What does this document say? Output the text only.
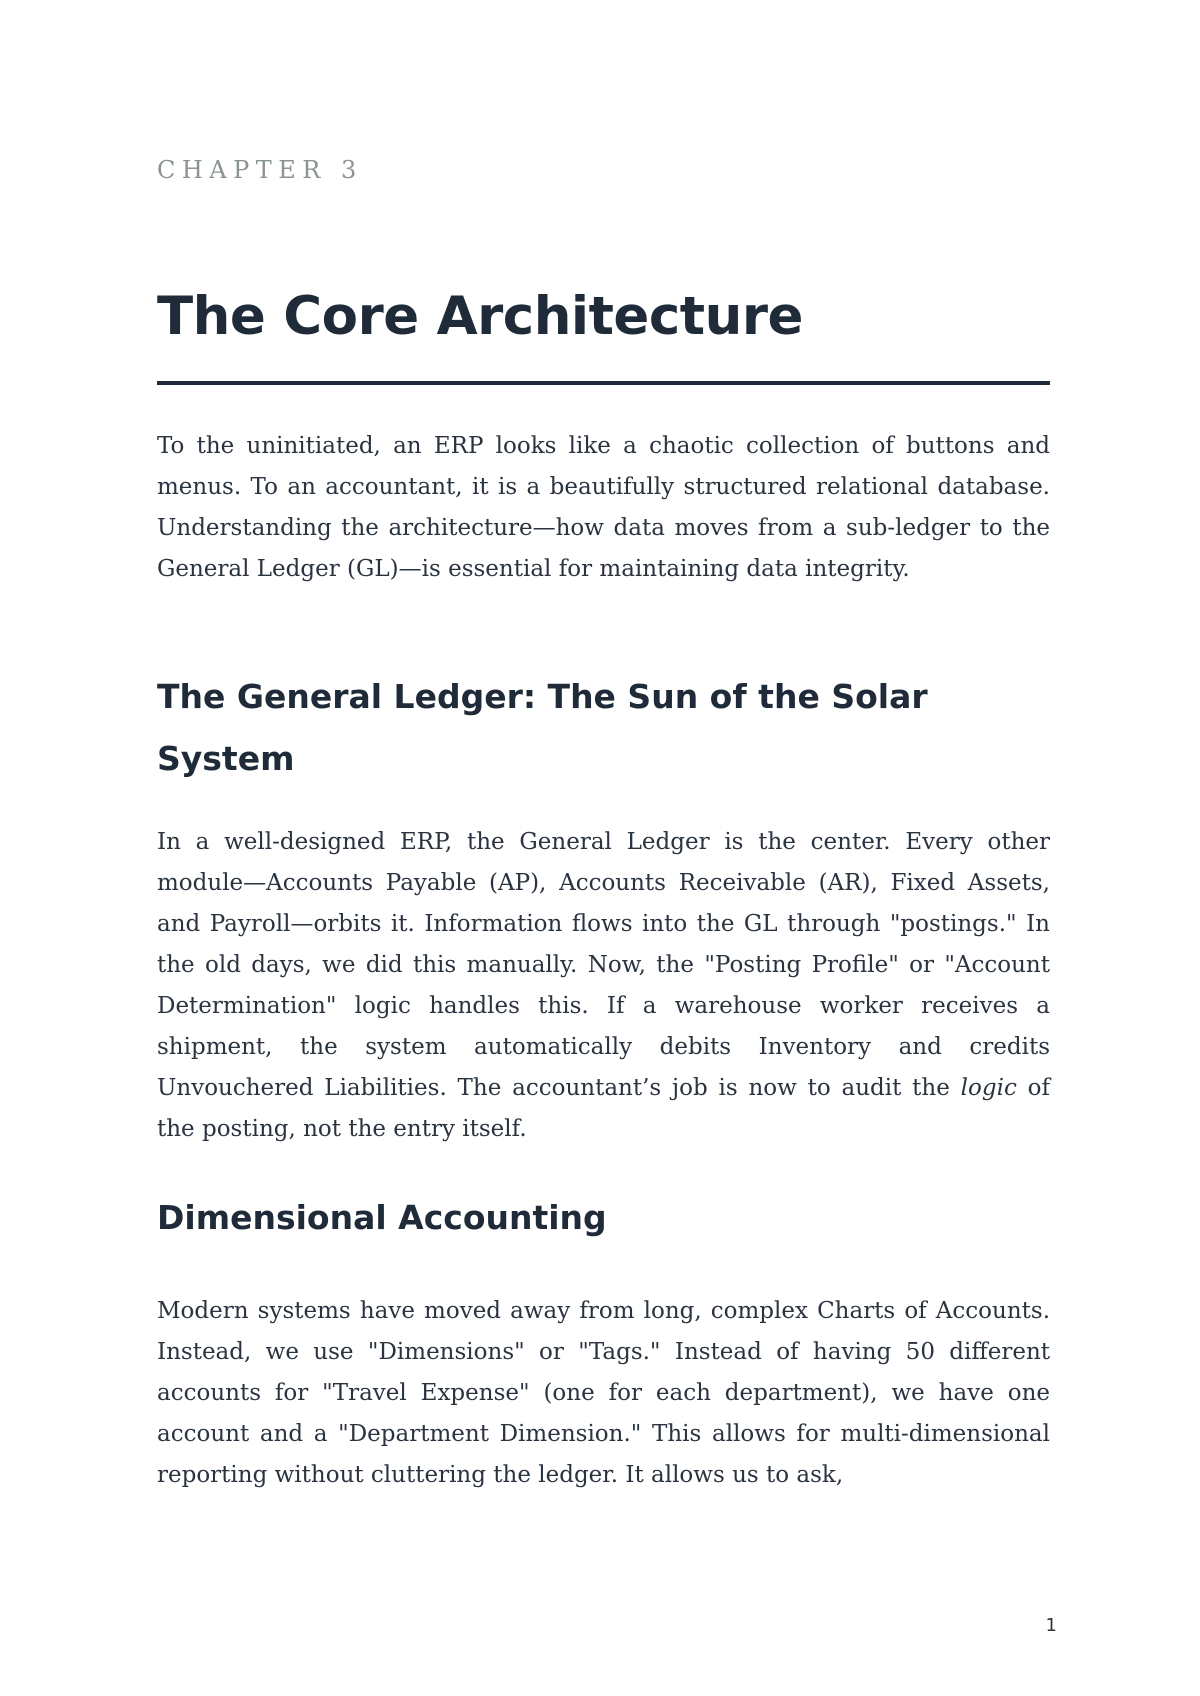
CHAPTER 3
The Core Architecture

To the uninitiated, an ERP looks like a chaotic collection of buttons and menus. To an accountant, it is a beautifully structured relational database. Understanding the architecture—how data moves from a sub-ledger to the General Ledger (GL)—is essential for maintaining data integrity.

The General Ledger: The Sun of the Solar System

In a well-designed ERP, the General Ledger is the center. Every other module—Accounts Payable (AP), Accounts Receivable (AR), Fixed Assets, and Payroll—orbits it. Information flows into the GL through "postings." In the old days, we did this manually. Now, the "Posting Profile" or "Account Determination" logic handles this. If a warehouse worker receives a shipment, the system automatically debits Inventory and credits Unvouchered Liabilities. The accountant’s job is now to audit the logic of the posting, not the entry itself.

Dimensional Accounting

Modern systems have moved away from long, complex Charts of Accounts. Instead, we use "Dimensions" or "Tags." Instead of having 50 different accounts for "Travel Expense" (one for each department), we have one account and a "Department Dimension." This allows for multi-dimensional reporting without cluttering the ledger. It allows us to ask,

1
